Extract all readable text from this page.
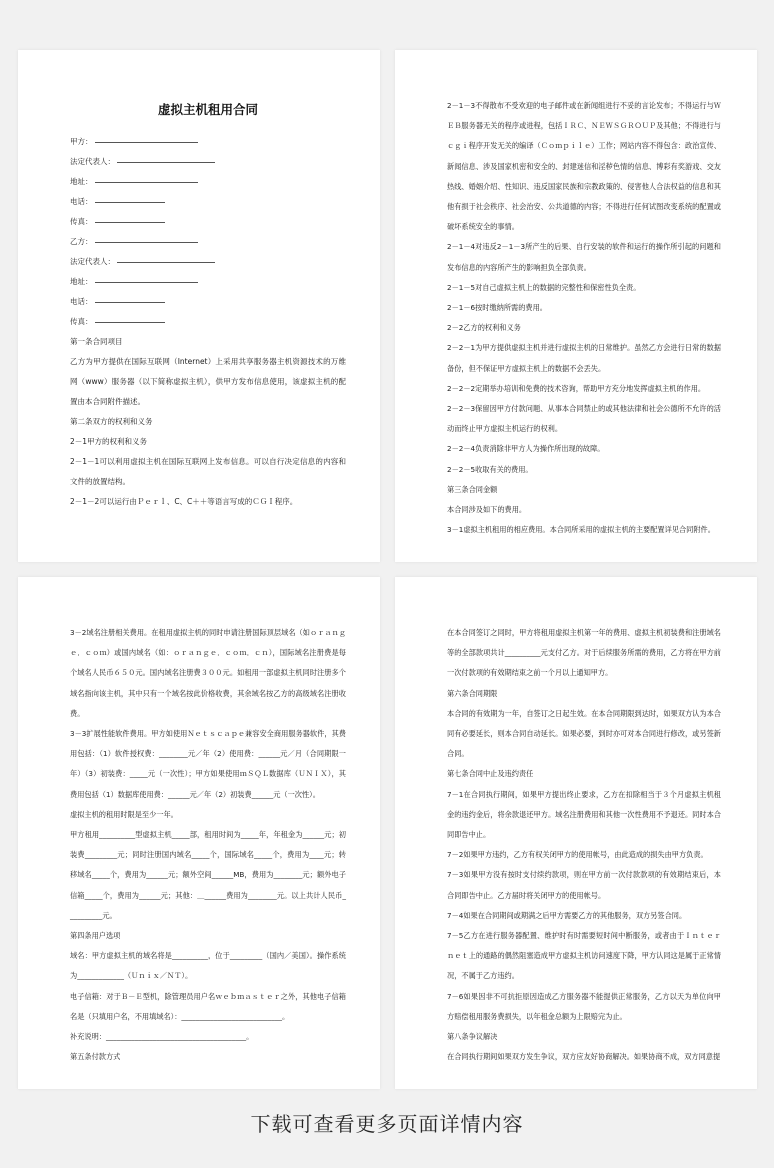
虚拟主机租用合同
甲方：
法定代表人：
地址：
电话：
传真：
乙方：
法定代表人：
地址：
电话：
传真：

第一条合同项目

乙方为甲方提供在国际互联网（Internet）上采用共享服务器主机资源技术的万维网（www）服务器（以下简称虚拟主机），供甲方发布信息使用，该虚拟主机的配置由本合同附件描述。

第二条双方的权利和义务

2－1甲方的权利和义务

2－1－1可以利用虚拟主机在国际互联网上发布信息。可以自行决定信息的内容和文件的放置结构。

2－1－2可以运行由Ｐｅｒｌ、C、C＋＋等语言写成的ＣＧＩ程序。

2－1－3不得散布不受欢迎的电子邮件或在新闻组进行不妥的言论发布；不得运行与ＷＥＢ服务器无关的程序或进程，包括ＩＲＣ、ＮＥＷＳＧＲＯＵＰ及其他；不得进行与ｃｇｉ程序开发无关的编译（Ｃｏｍｐｉｌｅ）工作；网站内容不得包含：政治宣传、新闻信息、涉及国家机密和安全的、封建迷信和淫秽色情的信息、博彩有奖游戏、交友热线、婚姻介绍、性知识、违反国家民族和宗教政策的、侵害他人合法权益的信息和其他有损于社会秩序、社会治安、公共道德的内容；不得进行任何试图改变系统的配置或破坏系统安全的事情。

2－1－4对违反2－1－3所产生的后果、自行安装的软件和运行的操作所引起的问题和发布信息的内容所产生的影响担负全部负责。

2－1－5对自己虚拟主机上的数据的完整性和保密性负全责。

2－1－6按时缴纳所需的费用。

2－2乙方的权利和义务

2－2－1为甲方提供虚拟主机并进行虚拟主机的日常维护。虽然乙方会进行日常的数据备份，但不保证甲方虚拟主机上的数据不会丢失。

2－2－2定期举办培训和免费的技术咨询，帮助甲方充分地发挥虚拟主机的作用。

2－2－3保留因甲方付款问题、从事本合同禁止的或其他法律和社会公德所不允许的活动而终止甲方虚拟主机运行的权利。

2－2－4负责消除非甲方人为操作所出现的故障。

2－2－5收取有关的费用。

第三条合同金额

本合同涉及如下的费用。

3－1虚拟主机租用的相应费用。本合同所采用的虚拟主机的主要配置详见合同附件。

3－2域名注册相关费用。在租用虚拟主机的同时申请注册国际顶层域名（如ｏｒａｎｇｅ．ｃｏｍ）或国内域名（如：ｏｒａｎｇｅ．ｃｏｍ．ｃｎ），国际域名注册费是每个域名人民币６５０元。国内域名注册费３００元。如租用一部虚拟主机同时注册多个域名指向该主机，其中只有一个域名按此价格收费，其余域名按乙方的高级域名注册收费。

3－3扩展性能软件费用。甲方如使用Ｎｅｔｓｃａｐｅ兼容安全商用服务器软件，其费用包括：（1）软件授权费：________元／年（2）使用费：______元／月（合同期限一年）（3）初装费：_____元（一次性）；甲方如果使用ｍＳＱＬ数据库（ＵＮＩＸ），其费用包括（1）数据库使用费：______元／年（2）初装费______元（一次性）。

虚拟主机的租用时限是至少一年。

甲方租用__________型虚拟主机_____部，租用时间为_____年，年租金为______元；初装费_________元；同时注册国内域名_____个，国际域名_____个，费用为____元；转移域名_____个，费用为______元；额外空间______MB，费用为________元；额外电子信箱_____个，费用为______元；其他：＿______费用为________元。以上共计人民币__________元。

第四条用户选项

域名：甲方虚拟主机的域名将是__________，位于_________（国内／美国）。操作系统为_____________（Ｕｎｉｘ／ＮＴ）。

电子信箱：对于Ｂ－Ｅ型机，除管理员用户名ｗｅｂｍａｓｔｅｒ之外，其他电子信箱名是（只填用户名，不用填域名）：____________________________。

补充说明：_______________________________________。

第五条付款方式

在本合同签订之同时，甲方将租用虚拟主机第一年的费用、虚拟主机初装费和注册域名等的全部款项共计__________元支付乙方。对于后续服务所需的费用，乙方将在甲方前一次付款项的有效期结束之前一个月以上通知甲方。

第六条合同期限

本合同的有效期为一年，自签订之日起生效。在本合同期限到达时，如果双方认为本合同有必要延长，则本合同自动延长。如果必要，到时亦可对本合同进行修改，或另签新合同。

第七条合同中止及违约责任

7－1在合同执行期间，如果甲方提出终止要求，乙方在扣除相当于３个月虚拟主机租金的违约金后，将余款退还甲方。域名注册费用和其他一次性费用不予退还。同时本合同即告中止。

7－2如果甲方违约，乙方有权关闭甲方的使用帐号，由此造成的损失由甲方负责。

7－3如果甲方没有按时支付续约款项，则在甲方前一次付款款项的有效期结束后，本合同即告中止。乙方届时将关闭甲方的使用帐号。

7－4如果在合同期间或期满之后甲方需要乙方的其他服务，双方另签合同。

7－5乙方在进行服务器配置、维护时有时需要短时间中断服务，或者由于Ｉｎｔｅｒｎｅｔ上的通路的偶然阻塞造成甲方虚拟主机访问速度下降，甲方认同这是属于正常情况，不属于乙方违约。

7－6如果因非不可抗拒原因造成乙方服务器不能提供正常服务，乙方以天为单位向甲方赔偿租用服务费损失，以年租金总额为上限赔完为止。

第八条争议解决

在合同执行期间如果双方发生争议，双方应友好协商解决。如果协商不成，双方同意提

下载可查看更多页面详情内容
